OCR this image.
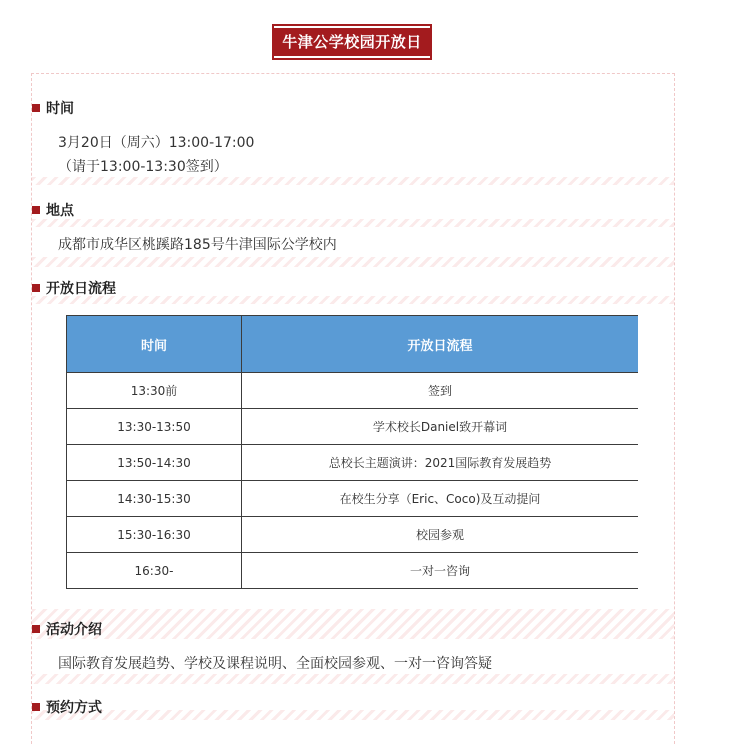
牛津公学校园开放日
时间
3月20日（周六）13:00-17:00
（请于13:00-13:30签到）
地点
成都市成华区桃蹊路185号牛津国际公学校内
开放日流程
时间	开放日流程
13:30前	签到
13:30-13:50	学术校长Daniel致开幕词
13:50-14:30	总校长主题演讲：2021国际教育发展趋势
14:30-15:30	在校生分享（Eric、Coco)及互动提问
15:30-16:30	校园参观
16:30-	一对一咨询
活动介绍
国际教育发展趋势、学校及课程说明、全面校园参观、一对一咨询答疑
预约方式
